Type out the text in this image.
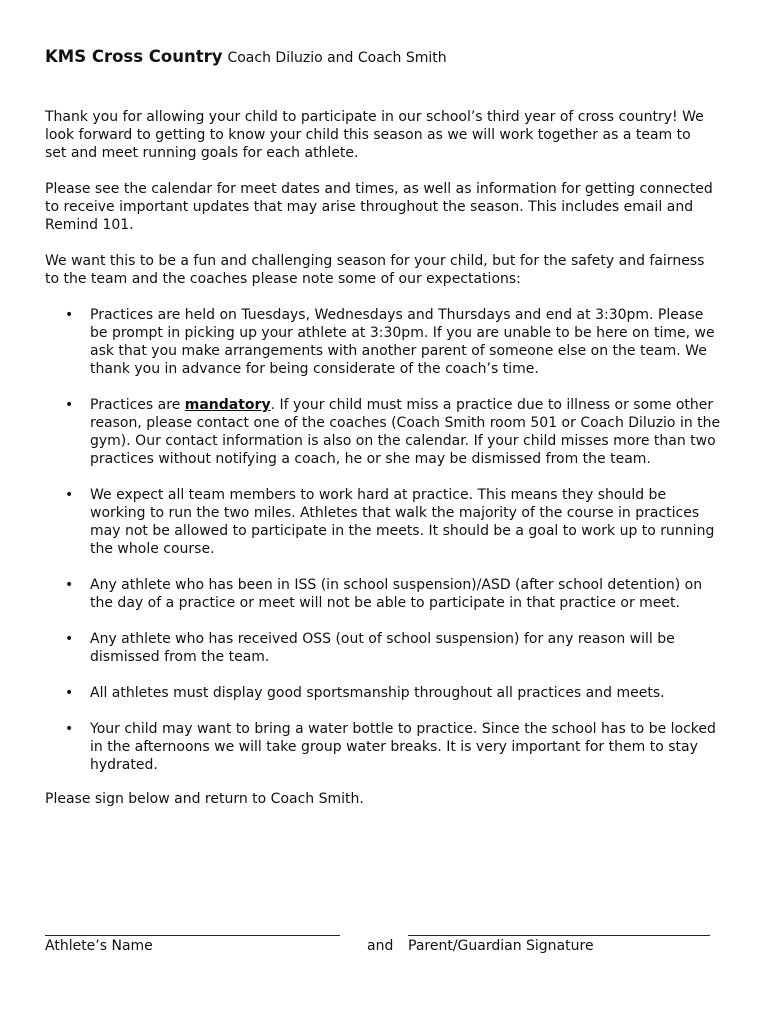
KMS Cross Country Coach Diluzio and Coach Smith

Thank you for allowing your child to participate in our school’s third year of cross country! We look forward to getting to know your child this season as we will work together as a team to set and meet running goals for each athlete.

Please see the calendar for meet dates and times, as well as information for getting connected to receive important updates that may arise throughout the season. This includes email and Remind 101.

We want this to be a fun and challenging season for your child, but for the safety and fairness to the team and the coaches please note some of our expectations:

• Practices are held on Tuesdays, Wednesdays and Thursdays and end at 3:30pm. Please be prompt in picking up your athlete at 3:30pm. If you are unable to be here on time, we ask that you make arrangements with another parent of someone else on the team. We thank you in advance for being considerate of the coach’s time.
• Practices are mandatory. If your child must miss a practice due to illness or some other reason, please contact one of the coaches (Coach Smith room 501 or Coach Diluzio in the gym). Our contact information is also on the calendar. If your child misses more than two practices without notifying a coach, he or she may be dismissed from the team.
• We expect all team members to work hard at practice. This means they should be working to run the two miles. Athletes that walk the majority of the course in practices may not be allowed to participate in the meets. It should be a goal to work up to running the whole course.
• Any athlete who has been in ISS (in school suspension)/ASD (after school detention) on the day of a practice or meet will not be able to participate in that practice or meet.
• Any athlete who has received OSS (out of school suspension) for any reason will be dismissed from the team.
• All athletes must display good sportsmanship throughout all practices and meets.
• Your child may want to bring a water bottle to practice. Since the school has to be locked in the afternoons we will take group water breaks. It is very important for them to stay hydrated.

Please sign below and return to Coach Smith.

Athlete’s Name	and Parent/Guardian Signature
